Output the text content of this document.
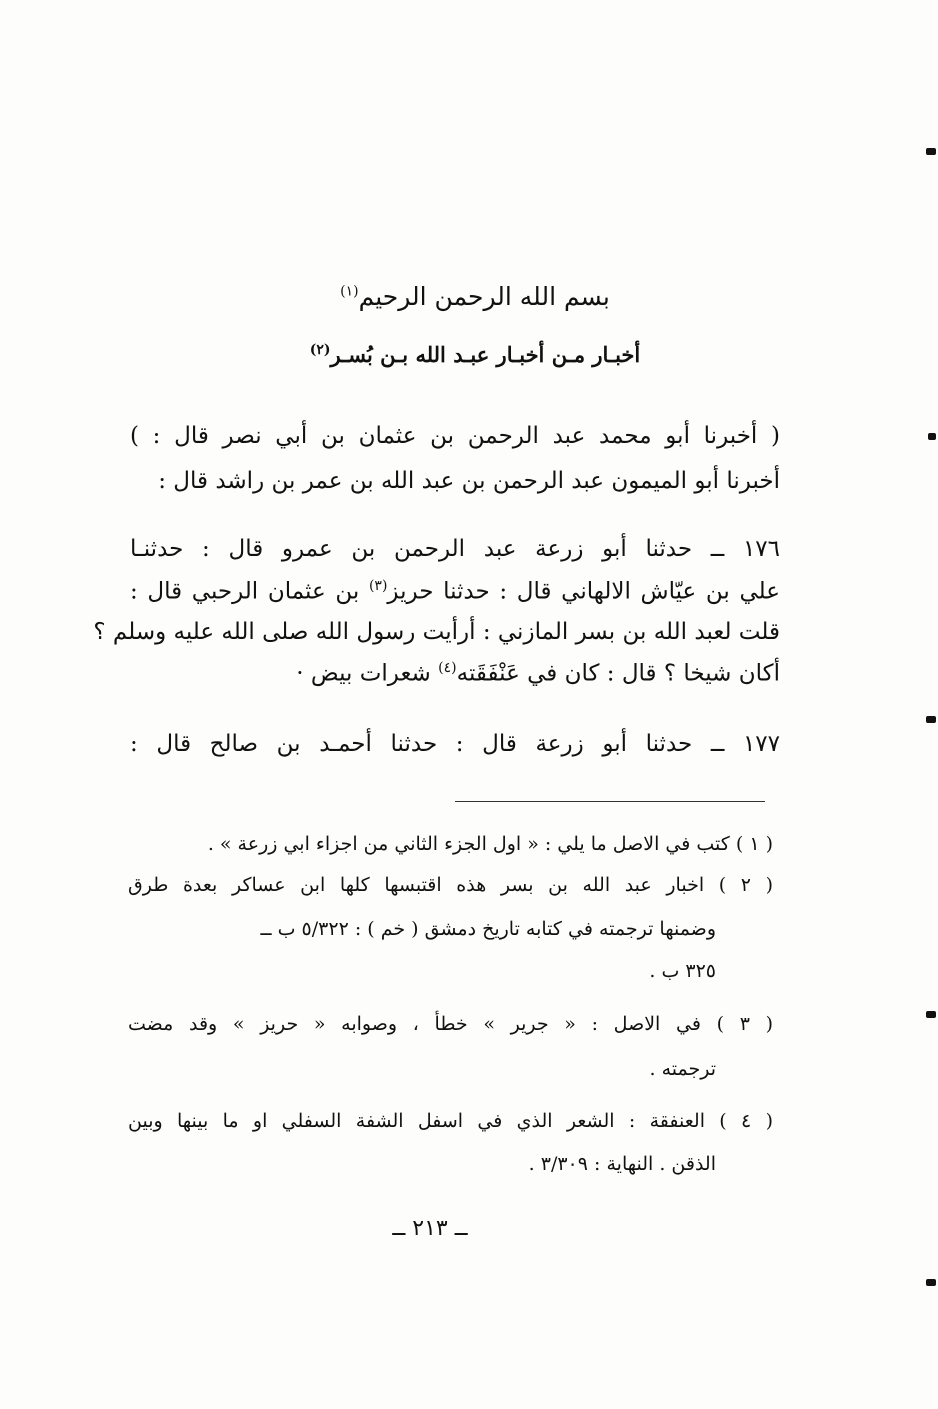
بسم الله الرحمن الرحيم$^{(١)}$
أخبـار مـن أخبـار عبـد الله بـن بُسـر$^{(٢)}$
( أخبرنا أبو محمد عبد الرحمن بن عثمان بن أبي نصر قال : )
أخبرنا أبو الميمون عبد الرحمن بن عبد الله بن عمر بن راشد قال :
١٧٦ ــ حدثنا أبو زرعة عبد الرحمن بن عمرو قال : حدثنـا
علي بن عيّاش الالهاني قال : حدثنا حريز$^{(٣)}$ بن عثمان الرحبي قال :
قلت لعبد الله بن بسر المازني : أرأيت رسول الله صلى الله عليه وسلم ؟
أكان شيخا ؟ قال : كان في عَنْفَقَته$^{(٤)}$ شعرات بيض ·
١٧٧ ــ حدثنا أبو زرعة قال : حدثنا أحمـد بن صالح قال :
( ١ ) كتب في الاصل ما يلي : « اول الجزء الثاني من اجزاء ابي زرعة » .
( ٢ ) اخبار عبد الله بن بسر هذه اقتبسها كلها ابن عساكر بعدة طرق
وضمنها ترجمته في كتابه تاريخ دمشق ( خم ) : ٥/٣٢٢ ب ــ
٣٢٥ ب .
( ٣ ) في الاصل : « جرير » خطأ ، وصوابه « حريز » وقد مضت
ترجمته .
( ٤ ) العنفقة : الشعر الذي في اسفل الشفة السفلي او ما بينها وبين
الذقن . النهاية : ٣/٣٠٩ .
ــ ٢١٣ ــ
